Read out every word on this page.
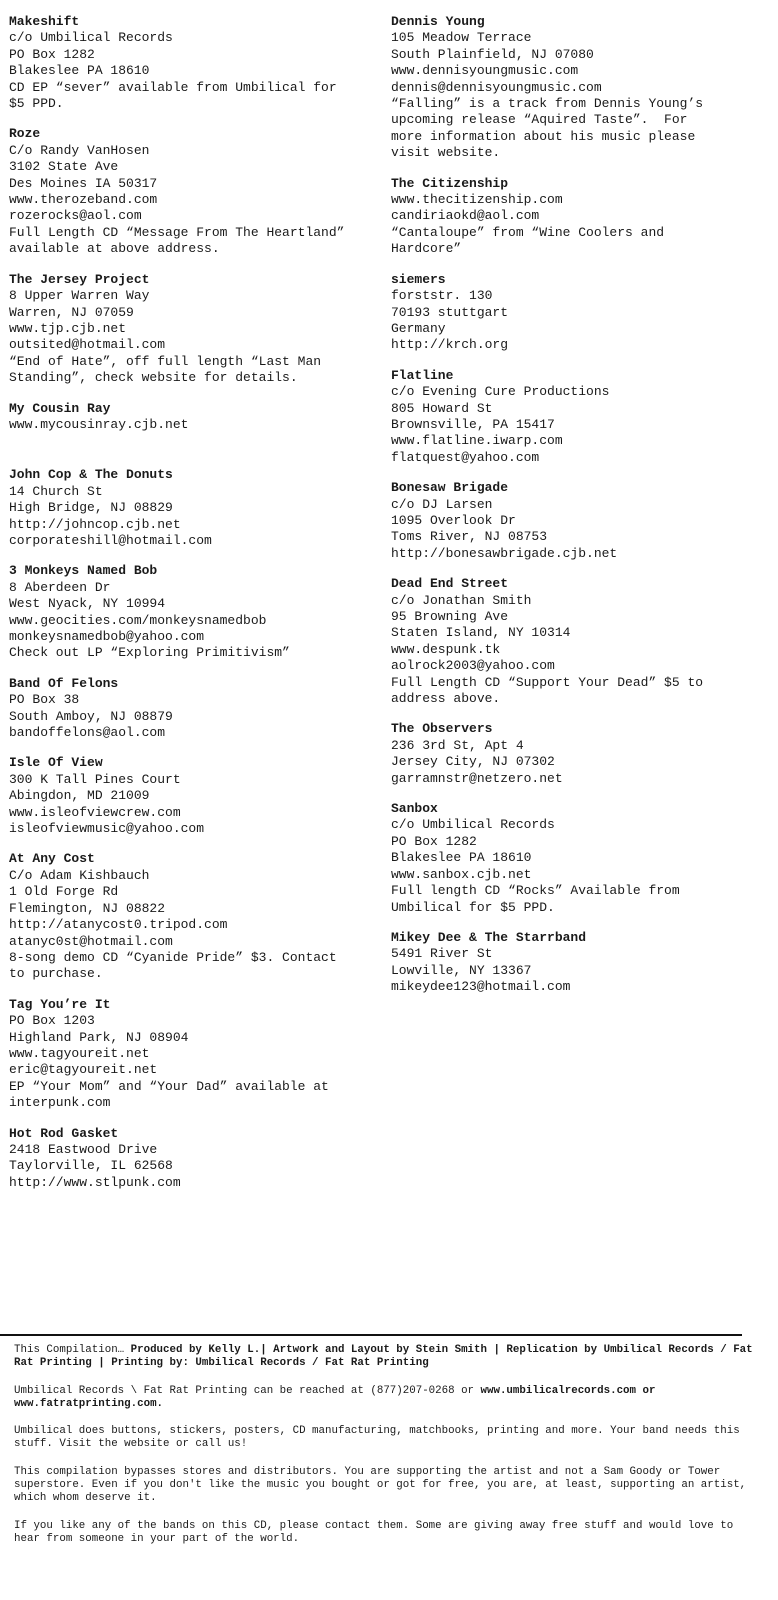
Makeshift
c/o Umbilical Records
PO Box 1282
Blakeslee PA 18610
CD EP “sever” available from Umbilical for
$5 PPD.
Roze
C/o Randy VanHosen
3102 State Ave
Des Moines IA 50317
www.therozeband.com
rozerocks@aol.com
Full Length CD “Message From The Heartland”
available at above address.
The Jersey Project
8 Upper Warren Way
Warren, NJ 07059
www.tjp.cjb.net
outsited@hotmail.com
“End of Hate”, off full length “Last Man
Standing”, check website for details.
My Cousin Ray
www.mycousinray.cjb.net
John Cop & The Donuts
14 Church St
High Bridge, NJ 08829
http://johncop.cjb.net
corporateshill@hotmail.com
3 Monkeys Named Bob
8 Aberdeen Dr
West Nyack, NY 10994
www.geocities.com/monkeysnamedbob
monkeysnamedbob@yahoo.com
Check out LP “Exploring Primitivism”
Band Of Felons
PO Box 38
South Amboy, NJ 08879
bandoffelons@aol.com
Isle Of View
300 K Tall Pines Court
Abingdon, MD 21009
www.isleofviewcrew.com
isleofviewmusic@yahoo.com
At Any Cost
C/o Adam Kishbauch
1 Old Forge Rd
Flemington, NJ 08822
http://atanycost0.tripod.com
atanyc0st@hotmail.com
8-song demo CD “Cyanide Pride” $3. Contact
to purchase.
Tag You’re It
PO Box 1203
Highland Park, NJ 08904
www.tagyoureit.net
eric@tagyoureit.net
EP “Your Mom” and “Your Dad” available at
interpunk.com
Hot Rod Gasket
2418 Eastwood Drive
Taylorville, IL 62568
http://www.stlpunk.com
Dennis Young
105 Meadow Terrace
South Plainfield, NJ 07080
www.dennisyoungmusic.com
dennis@dennisyoungmusic.com
“Falling” is a track from Dennis Young’s
upcoming release “Aquired Taste”.  For
more information about his music please
visit website.
The Citizenship
www.thecitizenship.com
candiriaokd@aol.com
“Cantaloupe” from “Wine Coolers and
Hardcore”
siemers
forststr. 130
70193 stuttgart
Germany
http://krch.org
Flatline
c/o Evening Cure Productions
805 Howard St
Brownsville, PA 15417
www.flatline.iwarp.com
flatquest@yahoo.com
Bonesaw Brigade
c/o DJ Larsen
1095 Overlook Dr
Toms River, NJ 08753
http://bonesawbrigade.cjb.net
Dead End Street
c/o Jonathan Smith
95 Browning Ave
Staten Island, NY 10314
www.despunk.tk
aolrock2003@yahoo.com
Full Length CD “Support Your Dead” $5 to
address above.
The Observers
236 3rd St, Apt 4
Jersey City, NJ 07302
garramnstr@netzero.net
Sanbox
c/o Umbilical Records
PO Box 1282
Blakeslee PA 18610
www.sanbox.cjb.net
Full length CD “Rocks” Available from
Umbilical for $5 PPD.
Mikey Dee & The Starrband
5491 River St
Lowville, NY 13367
mikeydee123@hotmail.com

This Compilation… Produced by Kelly L.| Artwork and Layout by Stein Smith | Replication by Umbilical Records / Fat Rat Printing | Printing by: Umbilical Records / Fat Rat Printing

Umbilical Records \ Fat Rat Printing can be reached at (877)207-0268 or www.umbilicalrecords.com or www.fatratprinting.com.

Umbilical does buttons, stickers, posters, CD manufacturing, matchbooks, printing and more. Your band needs this stuff. Visit the website or call us!

This compilation bypasses stores and distributors. You are supporting the artist and not a Sam Goody or Tower superstore. Even if you don't like the music you bought or got for free, you are, at least, supporting an artist, which whom deserve it.

If you like any of the bands on this CD, please contact them. Some are giving away free stuff and would love to hear from someone in your part of the world.
